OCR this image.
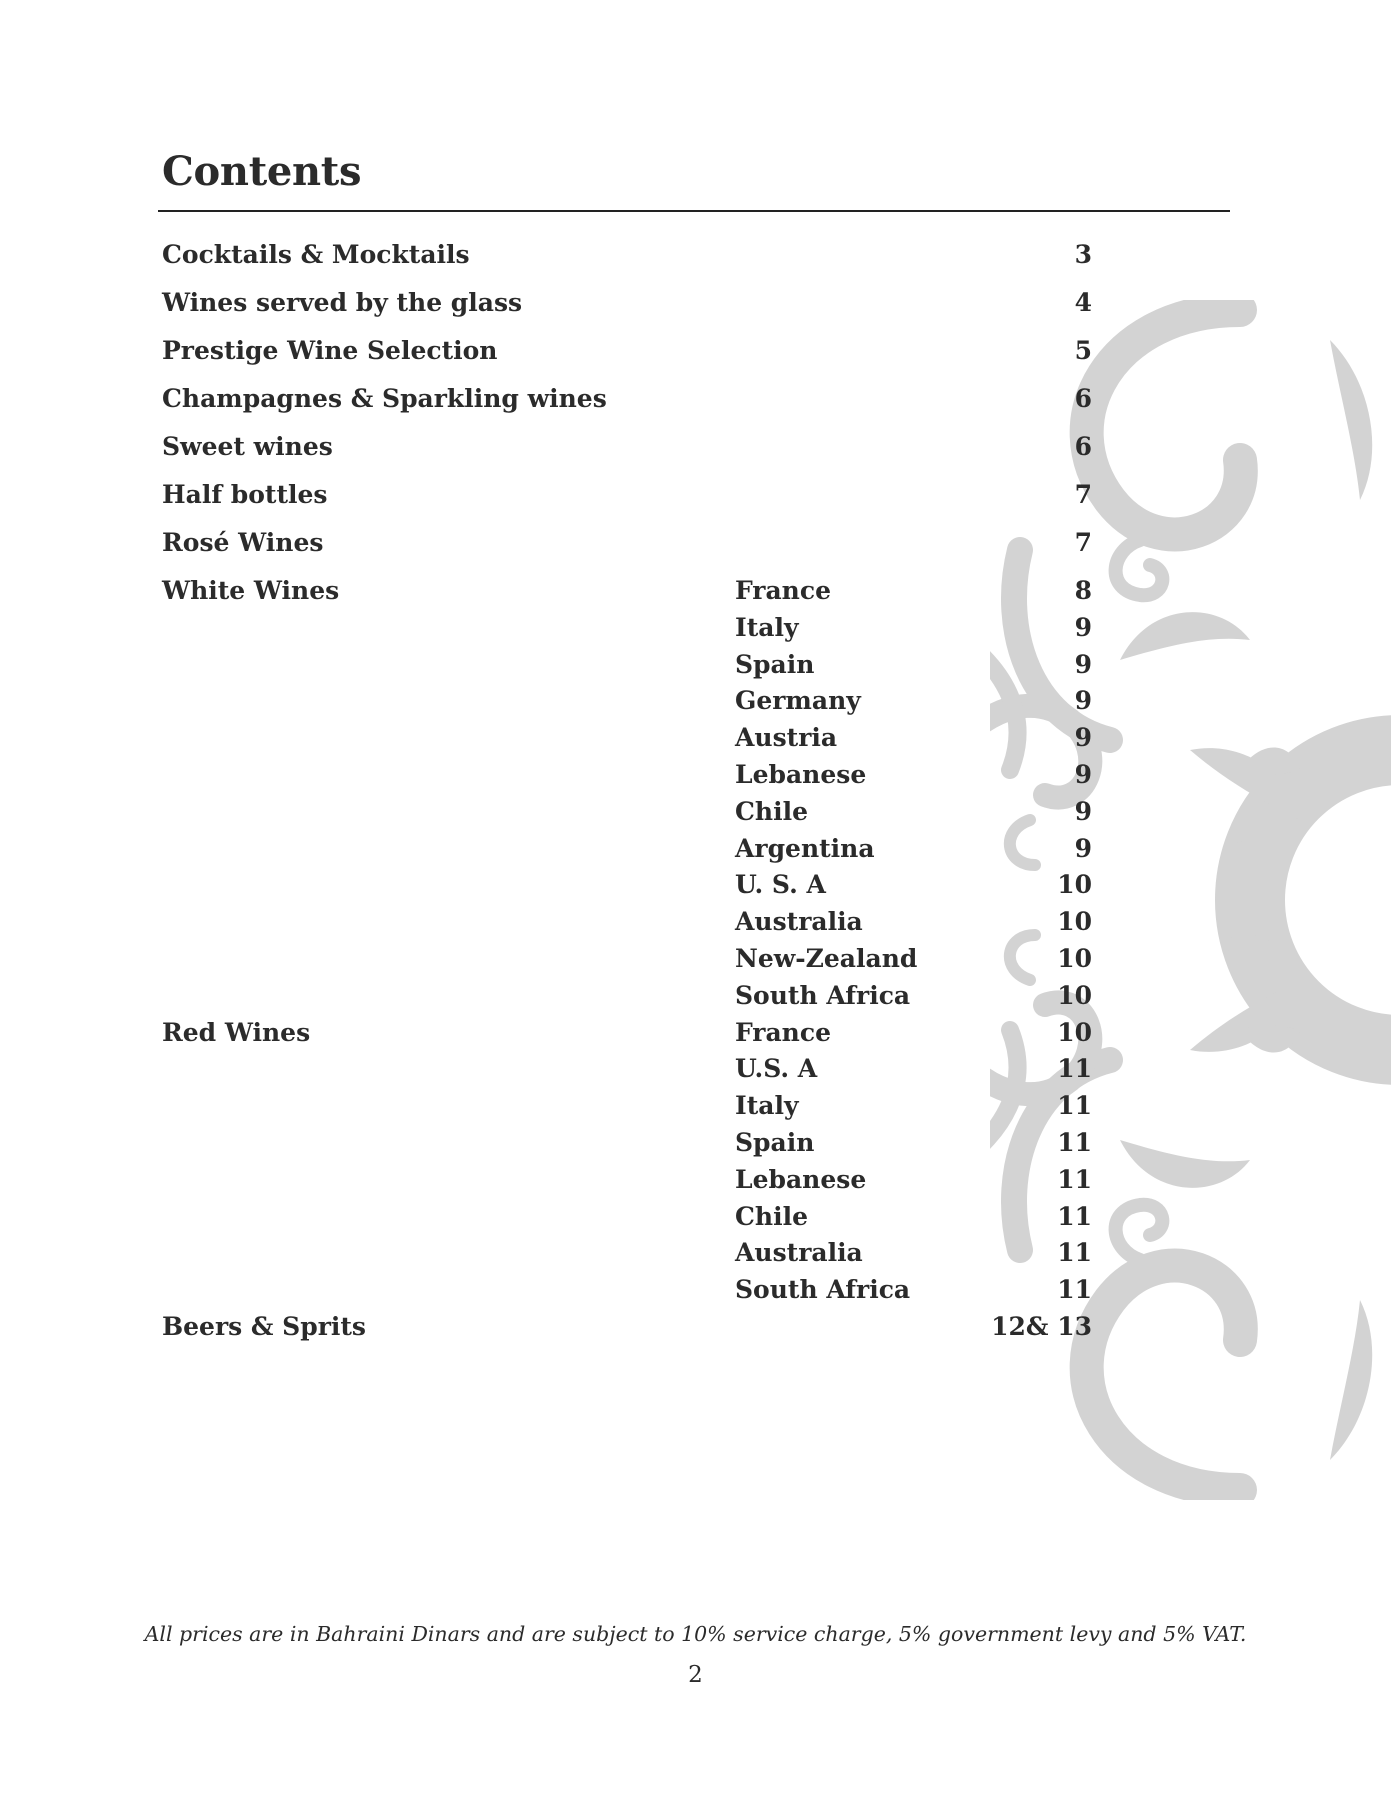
Contents
Cocktails & Mocktails	3
Wines served by the glass	4
Prestige Wine Selection	5
Champagnes & Sparkling wines	6
Sweet wines	6
Half bottles	7
Rosé Wines	7
White Wines	France	8
Italy	9
Spain	9
Germany	9
Austria	9
Lebanese	9
Chile	9
Argentina	9
U. S. A	10
Australia	10
New-Zealand	10
South Africa	10
Red Wines	France	10
U.S. A	11
Italy	11
Spain	11
Lebanese	11
Chile	11
Australia	11
South Africa	11
Beers & Sprits	12& 13
All prices are in Bahraini Dinars and are subject to 10% service charge, 5% government levy and 5% VAT.
2
